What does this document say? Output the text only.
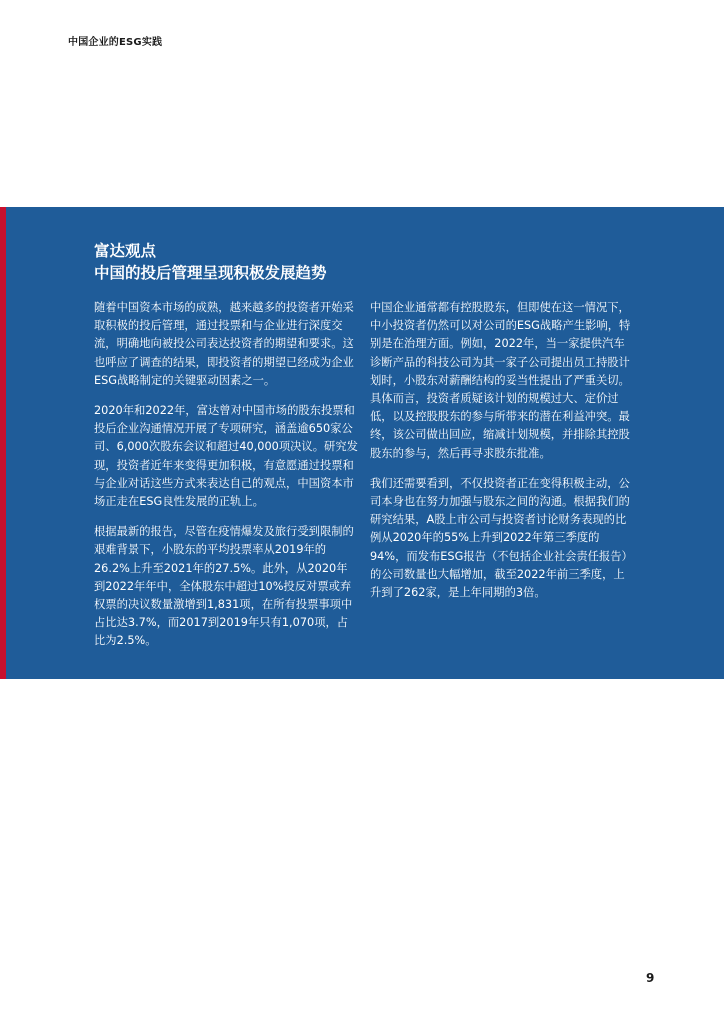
中国企业的ESG实践
富达观点
中国的投后管理呈现积极发展趋势

随着中国资本市场的成熟，越来越多的投资者开始采取积极的投后管理，通过投票和与企业进行深度交流，明确地向被投公司表达投资者的期望和要求。这也呼应了调查的结果，即投资者的期望已经成为企业ESG战略制定的关键驱动因素之一。

2020年和2022年，富达曾对中国市场的股东投票和投后企业沟通情况开展了专项研究，涵盖逾650家公司、6,000次股东会议和超过40,000项决议。研究发现，投资者近年来变得更加积极，有意愿通过投票和与企业对话这些方式来表达自己的观点，中国资本市场正走在ESG良性发展的正轨上。

根据最新的报告，尽管在疫情爆发及旅行受到限制的艰难背景下，小股东的平均投票率从2019年的26.2%上升至2021年的27.5%。此外，从2020年到2022年年中，全体股东中超过10%投反对票或弃权票的决议数量激增到1,831项，在所有投票事项中占比达3.7%，而2017到2019年只有1,070项，占比为2.5%。

中国企业通常都有控股股东，但即使在这一情况下，中小投资者仍然可以对公司的ESG战略产生影响，特别是在治理方面。例如，2022年，当一家提供汽车诊断产品的科技公司为其一家子公司提出员工持股计划时，小股东对薪酬结构的妥当性提出了严重关切。具体而言，投资者质疑该计划的规模过大、定价过低，以及控股股东的参与所带来的潜在利益冲突。最终，该公司做出回应，缩减计划规模，并排除其控股股东的参与，然后再寻求股东批准。

我们还需要看到，不仅投资者正在变得积极主动，公司本身也在努力加强与股东之间的沟通。根据我们的研究结果，A股上市公司与投资者讨论财务表现的比例从2020年的55%上升到2022年第三季度的94%，而发布ESG报告（不包括企业社会责任报告）的公司数量也大幅增加，截至2022年前三季度，上升到了262家，是上年同期的3倍。

9
